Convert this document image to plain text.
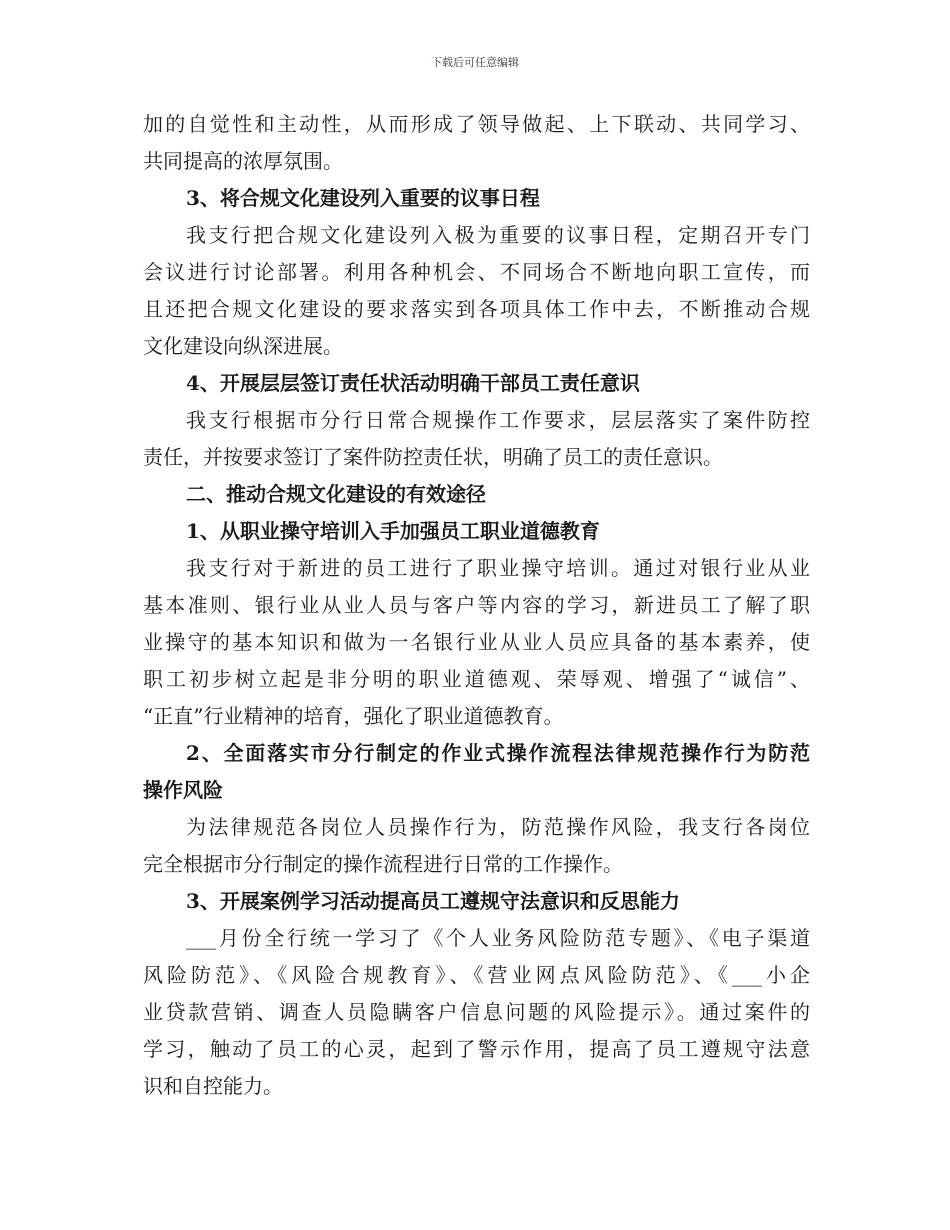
下载后可任意编辑
加的自觉性和主动性，从而形成了领导做起、上下联动、共同学习、
共同提高的浓厚氛围。
3、将合规文化建设列入重要的议事日程
我支行把合规文化建设列入极为重要的议事日程，定期召开专门
会议进行讨论部署。利用各种机会、不同场合不断地向职工宣传，而
且还把合规文化建设的要求落实到各项具体工作中去，不断推动合规
文化建设向纵深进展。
4、开展层层签订责任状活动明确干部员工责任意识
我支行根据市分行日常合规操作工作要求，层层落实了案件防控
责任，并按要求签订了案件防控责任状，明确了员工的责任意识。
二、推动合规文化建设的有效途径
1、从职业操守培训入手加强员工职业道德教育
我支行对于新进的员工进行了职业操守培训。通过对银行业从业
基本准则、银行业从业人员与客户等内容的学习，新进员工了解了职
业操守的基本知识和做为一名银行业从业人员应具备的基本素养，使
职工初步树立起是非分明的职业道德观、荣辱观、增强了“诚信”、
“正直”行业精神的培育，强化了职业道德教育。
2、全面落实市分行制定的作业式操作流程法律规范操作行为防范
操作风险
为法律规范各岗位人员操作行为，防范操作风险，我支行各岗位
完全根据市分行制定的操作流程进行日常的工作操作。
3、开展案例学习活动提高员工遵规守法意识和反思能力
___月份全行统一学习了《个人业务风险防范专题》、《电子渠道
风险防范》、《风险合规教育》、《营业网点风险防范》、《___小企
业贷款营销、调查人员隐瞒客户信息问题的风险提示》。通过案件的
学习，触动了员工的心灵，起到了警示作用，提高了员工遵规守法意
识和自控能力。
